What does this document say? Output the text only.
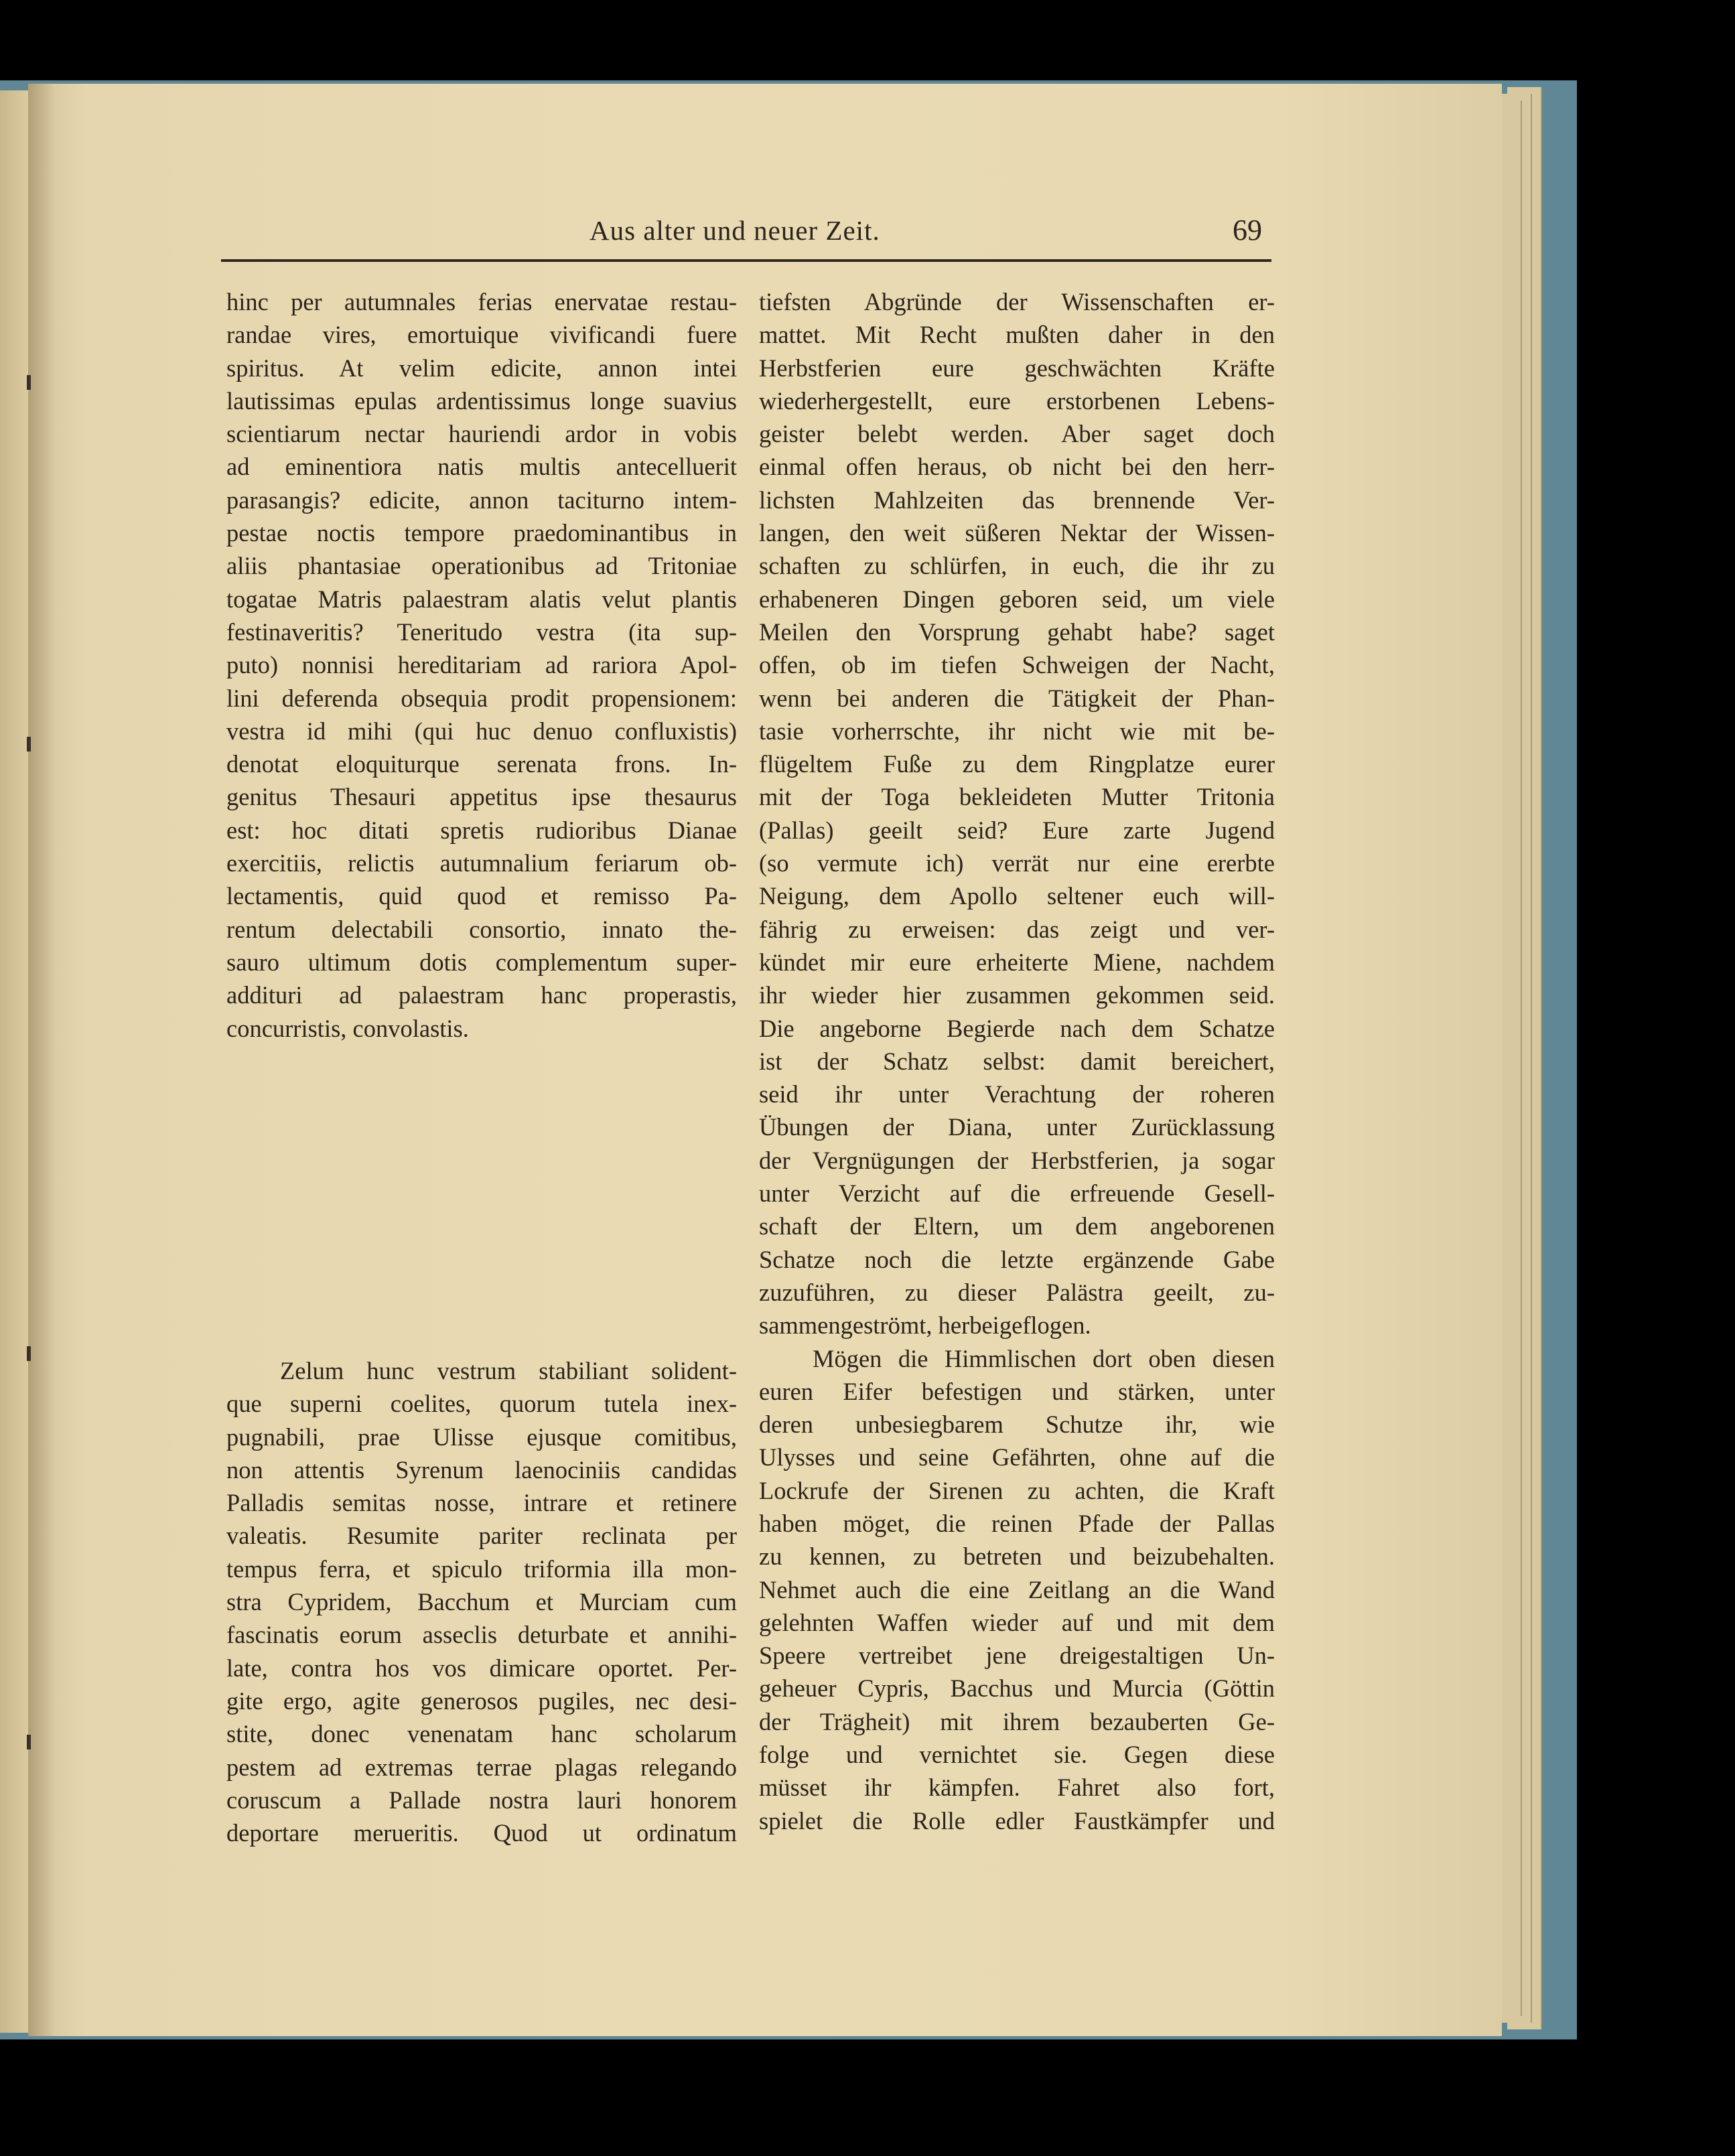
Aus alter und neuer Zeit.	69
hinc per autumnales ferias enervatae restau-
randae vires, emortuique vivificandi fuere
spiritus. At velim edicite, annon intei
lautissimas epulas ardentissimus longe suavius
scientiarum nectar hauriendi ardor in vobis
ad eminentiora natis multis antecelluerit
parasangis? edicite, annon taciturno intem-
pestae noctis tempore praedominantibus in
aliis phantasiae operationibus ad Tritoniae
togatae Matris palaestram alatis velut plantis
festinaveritis? Teneritudo vestra (ita sup-
puto) nonnisi hereditariam ad rariora Apol-
lini deferenda obsequia prodit propensionem:
vestra id mihi (qui huc denuo confluxistis)
denotat eloquiturque serenata frons. In-
genitus Thesauri appetitus ipse thesaurus
est: hoc ditati spretis rudioribus Dianae
exercitiis, relictis autumnalium feriarum ob-
lectamentis, quid quod et remisso Pa-
rentum delectabili consortio, innato the-
sauro ultimum dotis complementum super-
addituri ad palaestram hanc properastis,
concurristis, convolastis.
Zelum hunc vestrum stabiliant solident-
que superni coelites, quorum tutela inex-
pugnabili, prae Ulisse ejusque comitibus,
non attentis Syrenum laenociniis candidas
Palladis semitas nosse, intrare et retinere
valeatis. Resumite pariter reclinata per
tempus ferra, et spiculo triformia illa mon-
stra Cypridem, Bacchum et Murciam cum
fascinatis eorum asseclis deturbate et annihi-
late, contra hos vos dimicare oportet. Per-
gite ergo, agite generosos pugiles, nec desi-
stite, donec venenatam hanc scholarum
pestem ad extremas terrae plagas relegando
coruscum a Pallade nostra lauri honorem
deportare merueritis. Quod ut ordinatum
tiefsten Abgründe der Wissenschaften er-
mattet. Mit Recht mußten daher in den
Herbstferien eure geschwächten Kräfte
wiederhergestellt, eure erstorbenen Lebens-
geister belebt werden. Aber saget doch
einmal offen heraus, ob nicht bei den herr-
lichsten Mahlzeiten das brennende Ver-
langen, den weit süßeren Nektar der Wissen-
schaften zu schlürfen, in euch, die ihr zu
erhabeneren Dingen geboren seid, um viele
Meilen den Vorsprung gehabt habe? saget
offen, ob im tiefen Schweigen der Nacht,
wenn bei anderen die Tätigkeit der Phan-
tasie vorherrschte, ihr nicht wie mit be-
flügeltem Fuße zu dem Ringplatze eurer
mit der Toga bekleideten Mutter Tritonia
(Pallas) geeilt seid? Eure zarte Jugend
(so vermute ich) verrät nur eine ererbte
Neigung, dem Apollo seltener euch will-
fährig zu erweisen: das zeigt und ver-
kündet mir eure erheiterte Miene, nachdem
ihr wieder hier zusammen gekommen seid.
Die angeborne Begierde nach dem Schatze
ist der Schatz selbst: damit bereichert,
seid ihr unter Verachtung der roheren
Übungen der Diana, unter Zurücklassung
der Vergnügungen der Herbstferien, ja sogar
unter Verzicht auf die erfreuende Gesell-
schaft der Eltern, um dem angeborenen
Schatze noch die letzte ergänzende Gabe
zuzuführen, zu dieser Palästra geeilt, zu-
sammengeströmt, herbeigeflogen.
Mögen die Himmlischen dort oben diesen
euren Eifer befestigen und stärken, unter
deren unbesiegbarem Schutze ihr, wie
Ulysses und seine Gefährten, ohne auf die
Lockrufe der Sirenen zu achten, die Kraft
haben möget, die reinen Pfade der Pallas
zu kennen, zu betreten und beizubehalten.
Nehmet auch die eine Zeitlang an die Wand
gelehnten Waffen wieder auf und mit dem
Speere vertreibet jene dreigestaltigen Un-
geheuer Cypris, Bacchus und Murcia (Göttin
der Trägheit) mit ihrem bezauberten Ge-
folge und vernichtet sie. Gegen diese
müsset ihr kämpfen. Fahret also fort,
spielet die Rolle edler Faustkämpfer und
